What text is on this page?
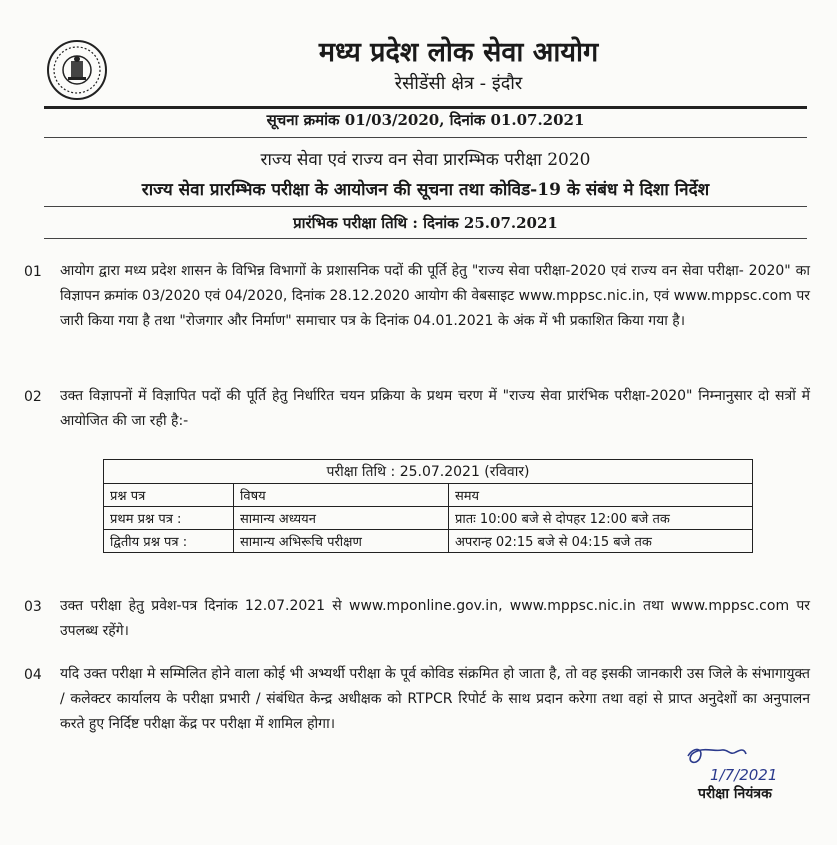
मध्य प्रदेश लोक सेवा आयोग
रेसीडेंसी क्षेत्र - इंदौर
सूचना क्रमांक 01/03/2020, दिनांक 01.07.2021
राज्य सेवा एवं राज्य वन सेवा प्रारम्भिक परीक्षा 2020
राज्य सेवा प्रारम्भिक परीक्षा के आयोजन की सूचना तथा कोविड-19 के संबंध मे दिशा निर्देश
प्रारंभिक परीक्षा तिथि : दिनांक 25.07.2021
01 आयोग द्वारा मध्य प्रदेश शासन के विभिन्न विभागों के प्रशासनिक पदों की पूर्ति हेतु "राज्य सेवा परीक्षा-2020 एवं राज्य वन सेवा परीक्षा- 2020" का विज्ञापन क्रमांक 03/2020 एवं 04/2020, दिनांक 28.12.2020 आयोग की वेबसाइट www.mppsc.nic.in, एवं www.mppsc.com पर जारी किया गया है तथा "रोजगार और निर्माण" समाचार पत्र के दिनांक 04.01.2021 के अंक में भी प्रकाशित किया गया है।
02 उक्त विज्ञापनों में विज्ञापित पदों की पूर्ति हेतु निर्धारित चयन प्रक्रिया के प्रथम चरण में "राज्य सेवा प्रारंभिक परीक्षा-2020" निम्नानुसार दो सत्रों में आयोजित की जा रही है:-
परीक्षा तिथि : 25.07.2021 (रविवार)		
प्रश्न पत्र	विषय	समय
प्रथम प्रश्न पत्र :	सामान्य अध्ययन	प्रातः 10:00 बजे से दोपहर 12:00 बजे तक
द्वितीय प्रश्न पत्र :	सामान्य अभिरूचि परीक्षण	अपरान्ह 02:15 बजे से 04:15 बजे तक
03 उक्त परीक्षा हेतु प्रवेश-पत्र दिनांक 12.07.2021 से www.mponline.gov.in, www.mppsc.nic.in तथा www.mppsc.com पर उपलब्ध रहेंगे।
04 यदि उक्त परीक्षा मे सम्मिलित होने वाला कोई भी अभ्यर्थी परीक्षा के पूर्व कोविड संक्रमित हो जाता है, तो वह इसकी जानकारी उस जिले के संभागायुक्त / कलेक्टर कार्यालय के परीक्षा प्रभारी / संबंधित केन्द्र अधीक्षक को RTPCR रिपोर्ट के साथ प्रदान करेगा तथा वहां से प्राप्त अनुदेशों का अनुपालन करते हुए निर्दिष्ट परीक्षा केंद्र पर परीक्षा में शामिल होगा।
1/7/2021
परीक्षा नियंत्रक
